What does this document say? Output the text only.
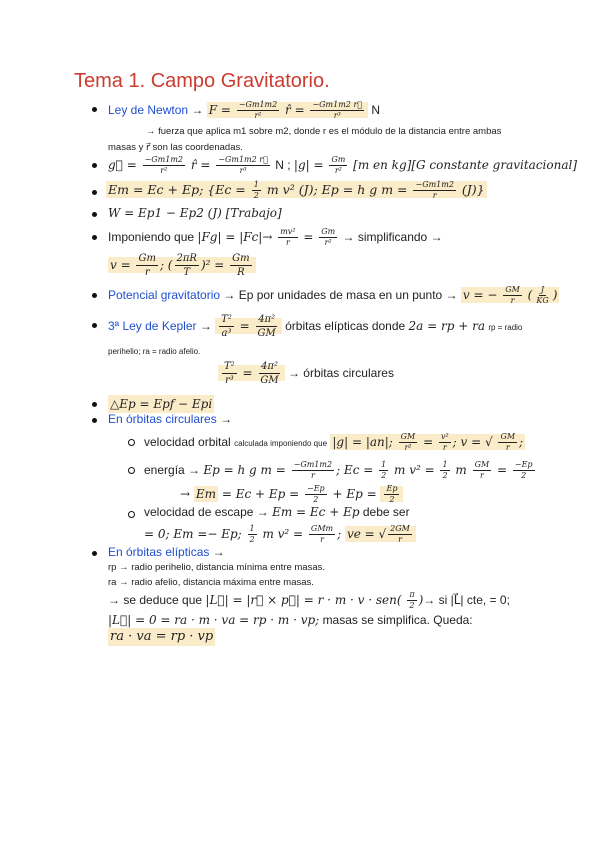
Tema 1. Campo Gravitatorio.
Ley de Newton → $F = \frac{-Gm1m2}{\text{r²}}$ r̂ = $\frac{-Gm1m2 r⃗}{\text{r³}}$ N
→ fuerza que aplica m1 sobre m2, donde r es el módulo de la distancia entre ambas
masas y r⃗ son las coordenadas.
g⃗ = $\frac{-Gm1m2}{\text{r²}}$ r̂ = $\frac{-Gm1m2 r⃗}{\text{r³}}$ N ; $|g| = \frac{Gm}{\text{r²}} [m$ en kg][G constante gravitacional]
Em = Ec + Ep; {$Ec = \frac{1}{2}$ m v² (J); Ep = h g $m = \frac{-Gm1m2}{r} (J)$}
W = Ep1 − Ep2 (J) [Trabajo]
Imponiendo que $|Fg| = |Fc|\to \frac{\text{mv²}}{r} = \frac{Gm}{\text{r²}}$ → simplificando →
$v = \frac{Gm}{r}$ ; ( $\frac{2\pi R}{T} )^2 = \frac{Gm}{R}$
Potencial gravitatorio → Ep por unidades de masa en un punto → v = − $\frac{GM}{r}$ ( $\frac{J}{KG}$ )
3ª Ley de Kepler → $\frac{\text{T²}}{\text{a³}} = \frac{\text{4π²}}{GM}$ órbitas elípticas donde 2a = rp + ra rp = radio
perihelio; ra = radio afelio.
$\frac{\text{T²}}{\text{r³}} = \frac{\text{4π²}}{GM}$ → órbitas circulares
△Ep = Epf − Epi
En órbitas circulares →
velocidad orbital calculada imponiendo que |g| = |an|; $\frac{GM}{\text{r²}} = \frac{\text{v²}}{r}$ ; v = √ $\frac{GM}{r}$ ;
energía → Ep = h g $m = \frac{-Gm1m2}{r}$ ; $Ec = \frac{1}{2}$ m $v^2 = \frac{1}{2}$ m $\frac{GM}{r} = \frac{-Ep}{2}$
→ $Em = Ec + Ep = \frac{-Ep}{2} + Ep = \frac{Ep}{2}$
velocidad de escape → Em = Ec + Ep debe ser
= 0; Em =− Ep; $\frac{1}{2}$ m $v^2 = \frac{\text{GMm}}{r}$ ; ve = √ $\frac{2GM}{r}$
En órbitas elípticas →
rp → radio perihelio, distancia mínima entre masas.
ra → radio afelio, distancia máxima entre masas.
→ se deduce que |L⃗| = |r⃗ × p⃗| = $r \cdot m \cdot v \cdot sen( \frac{\pi}{2}$ )→ si |L⃗| cte, = 0;
|L⃗| = 0 = ra · m · va = rp · m · vp; masas se simplifica. Queda:
ra · va = rp · vp
